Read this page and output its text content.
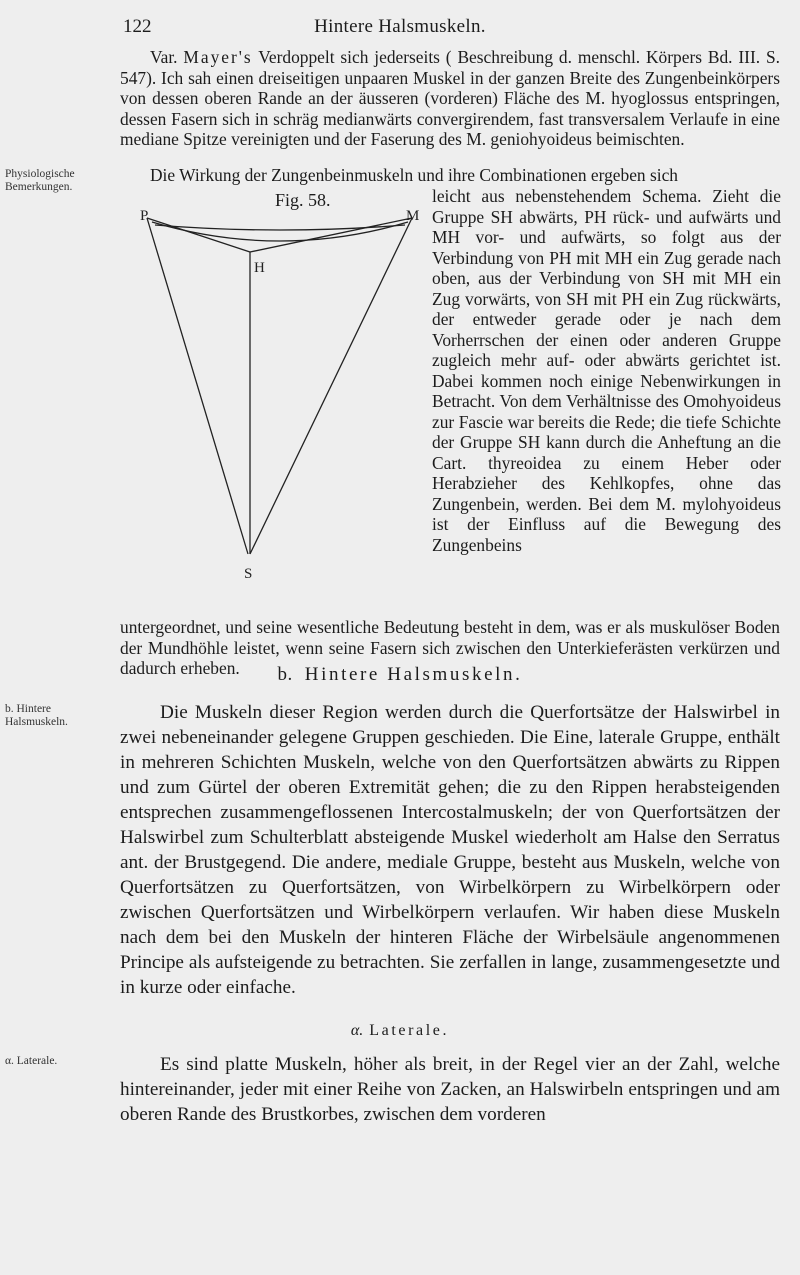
122	Hintere Halsmuskeln.

Var. Mayer's Verdoppelt sich jederseits ( Beschreibung d. menschl. Körpers Bd. III. S. 547). Ich sah einen dreiseitigen unpaaren Muskel in der ganzen Breite des Zungenbeinkörpers von dessen oberen Rande an der äusseren (vorderen) Fläche des M. hyoglossus entspringen, dessen Fasern sich in schräg medianwärts convergirendem, fast transversalem Verlaufe in eine mediane Spitze vereinigten und der Faserung des M. geniohyoideus beimischten.

Physiologische Bemerkungen.

Die Wirkung der Zungenbeinmuskeln und ihre Combinationen ergeben sich

Fig. 58.
P	M
H
S

leicht aus nebenstehendem Schema. Zieht die Gruppe SH abwärts, PH rück- und aufwärts und MH vor- und aufwärts, so folgt aus der Verbindung von PH mit MH ein Zug gerade nach oben, aus der Verbindung von SH mit MH ein Zug vorwärts, von SH mit PH ein Zug rückwärts, der entweder gerade oder je nach dem Vorherrschen der einen oder anderen Gruppe zugleich mehr auf- oder abwärts gerichtet ist. Dabei kommen noch einige Nebenwirkungen in Betracht. Von dem Verhältnisse des Omohyoideus zur Fascie war bereits die Rede; die tiefe Schichte der Gruppe SH kann durch die Anheftung an die Cart. thyreoidea zu einem Heber oder Herabzieher des Kehlkopfes, ohne das Zungenbein, werden. Bei dem M. mylohyoideus ist der Einfluss auf die Bewegung des Zungenbeins

untergeordnet, und seine wesentliche Bedeutung besteht in dem, was er als muskulöser Boden der Mundhöhle leistet, wenn seine Fasern sich zwischen den Unterkieferästen verkürzen und dadurch erheben.	b. Hintere Halsmuskeln.
b. Hintere Halsmuskeln.	Die Muskeln dieser Region werden durch die Querfortsätze der Halswirbel in zwei nebeneinander gelegene Gruppen geschieden. Die Eine, laterale Gruppe, enthält in mehreren Schichten Muskeln, welche von den Querfortsätzen abwärts zu Rippen und zum Gürtel der oberen Extremität gehen; die zu den Rippen herabsteigenden entsprechen zusammengeflossenen Intercostalmuskeln; der von Querfortsätzen der Halswirbel zum Schulterblatt absteigende Muskel wiederholt am Halse den Serratus ant. der Brustgegend. Die andere, mediale Gruppe, besteht aus Muskeln, welche von Querfortsätzen zu Querfortsätzen, von Wirbelkörpern zu Wirbelkörpern oder zwischen Querfortsätzen und Wirbelkörpern verlaufen. Wir haben diese Muskeln nach dem bei den Muskeln der hinteren Fläche der Wirbelsäule angenommenen Principe als aufsteigende zu betrachten. Sie zerfallen in lange, zusammengesetzte und in kurze oder einfache.

α. Laterale.
α. Laterale.	Es sind platte Muskeln, höher als breit, in der Regel vier an der Zahl, welche hintereinander, jeder mit einer Reihe von Zacken, an Halswirbeln entspringen und am oberen Rande des Brustkorbes, zwischen dem vorderen
